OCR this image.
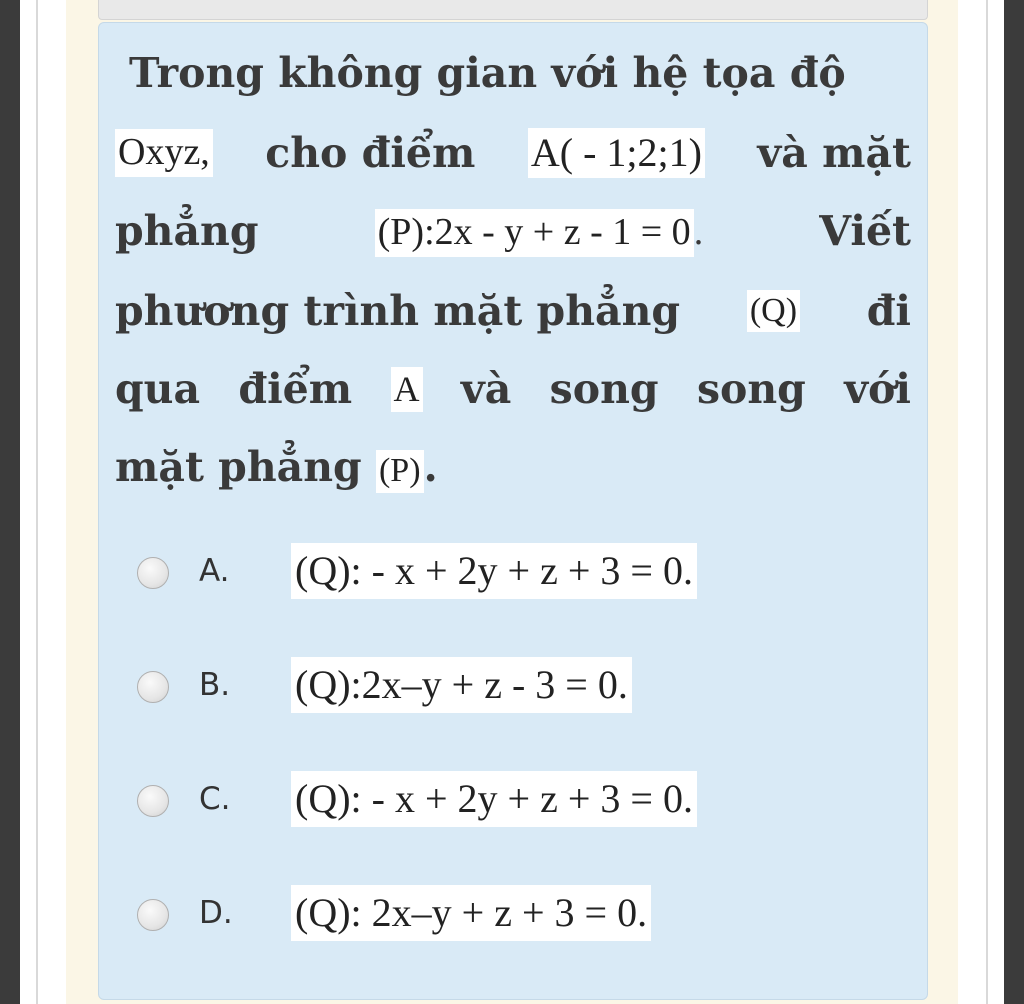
Trong không gian với hệ tọa độ
Oxyz, cho điểm A( - 1;2;1) và mặt
phẳng	(P):2x - y + z - 1 = 0.	Viết
phương trình mặt phẳng (Q) đi
qua điểm A và song song với
mặt phẳng (P).
A. (Q): - x + 2y + z + 3 = 0.
B. (Q):2x–y + z - 3 = 0.
C. (Q): - x + 2y + z + 3 = 0.
D. (Q): 2x–y + z + 3 = 0.
